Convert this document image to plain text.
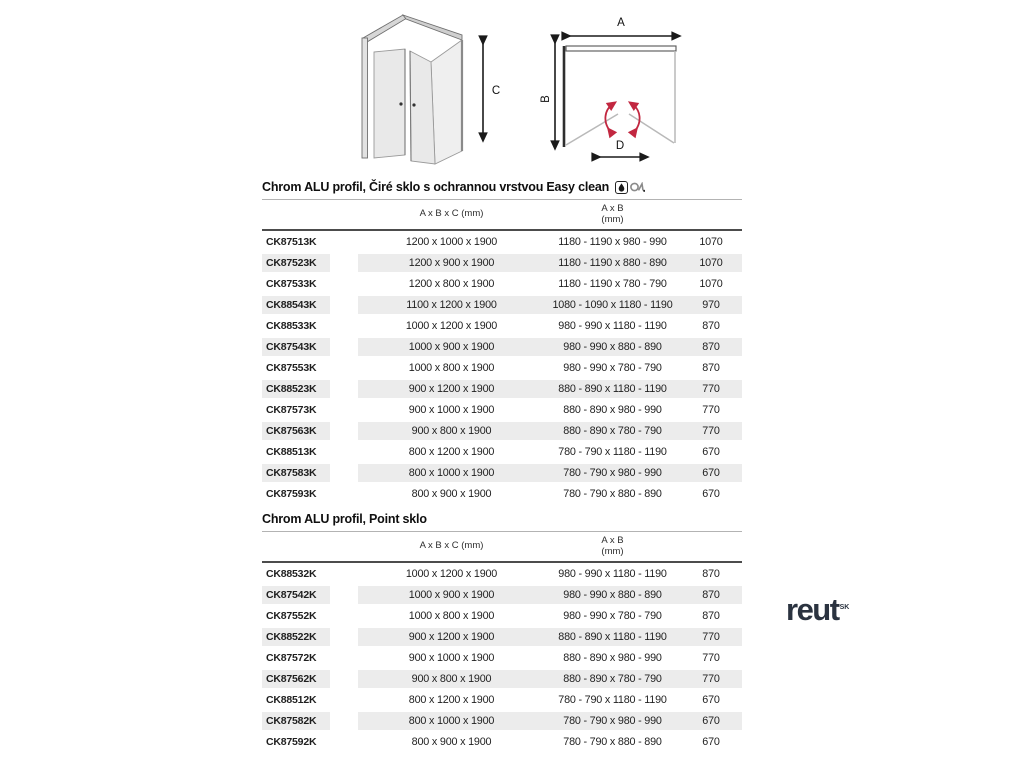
C
A
B
D
Chrom ALU profil, Čiré sklo s ochrannou vrstvou Easy clean
A x B x C (mm)	A x B
(mm)
CK87513K	1200 x 1000 x 1900	1180 - 1190 x 980 - 990	1070
CK87523K	1200 x 900 x 1900	1180 - 1190 x 880 - 890	1070
CK87533K	1200 x 800 x 1900	1180 - 1190 x 780 - 790	1070
CK88543K	1100 x 1200 x 1900	1080 - 1090 x 1180 - 1190	970
CK88533K	1000 x 1200 x 1900	980 - 990 x 1180 - 1190	870
CK87543K	1000 x 900 x 1900	980 - 990 x 880 - 890	870
CK87553K	1000 x 800 x 1900	980 - 990 x 780 - 790	870
CK88523K	900 x 1200 x 1900	880 - 890 x 1180 - 1190	770
CK87573K	900 x 1000 x 1900	880 - 890 x 980 - 990	770
CK87563K	900 x 800 x 1900	880 - 890 x 780 - 790	770
CK88513K	800 x 1200 x 1900	780 - 790 x 1180 - 1190	670
CK87583K	800 x 1000 x 1900	780 - 790 x 980 - 990	670
CK87593K	800 x 900 x 1900	780 - 790 x 880 - 890	670
Chrom ALU profil, Point sklo
A x B x C (mm)	A x B
(mm)
CK88532K	1000 x 1200 x 1900	980 - 990 x 1180 - 1190	870
CK87542K	1000 x 900 x 1900	980 - 990 x 880 - 890	870
CK87552K	1000 x 800 x 1900	980 - 990 x 780 - 790	870
CK88522K	900 x 1200 x 1900	880 - 890 x 1180 - 1190	770
CK87572K	900 x 1000 x 1900	880 - 890 x 980 - 990	770
CK87562K	900 x 800 x 1900	880 - 890 x 780 - 790	770
CK88512K	800 x 1200 x 1900	780 - 790 x 1180 - 1190	670
CK87582K	800 x 1000 x 1900	780 - 790 x 980 - 990	670
CK87592K	800 x 900 x 1900	780 - 790 x 880 - 890	670
reut$^{SK}$
